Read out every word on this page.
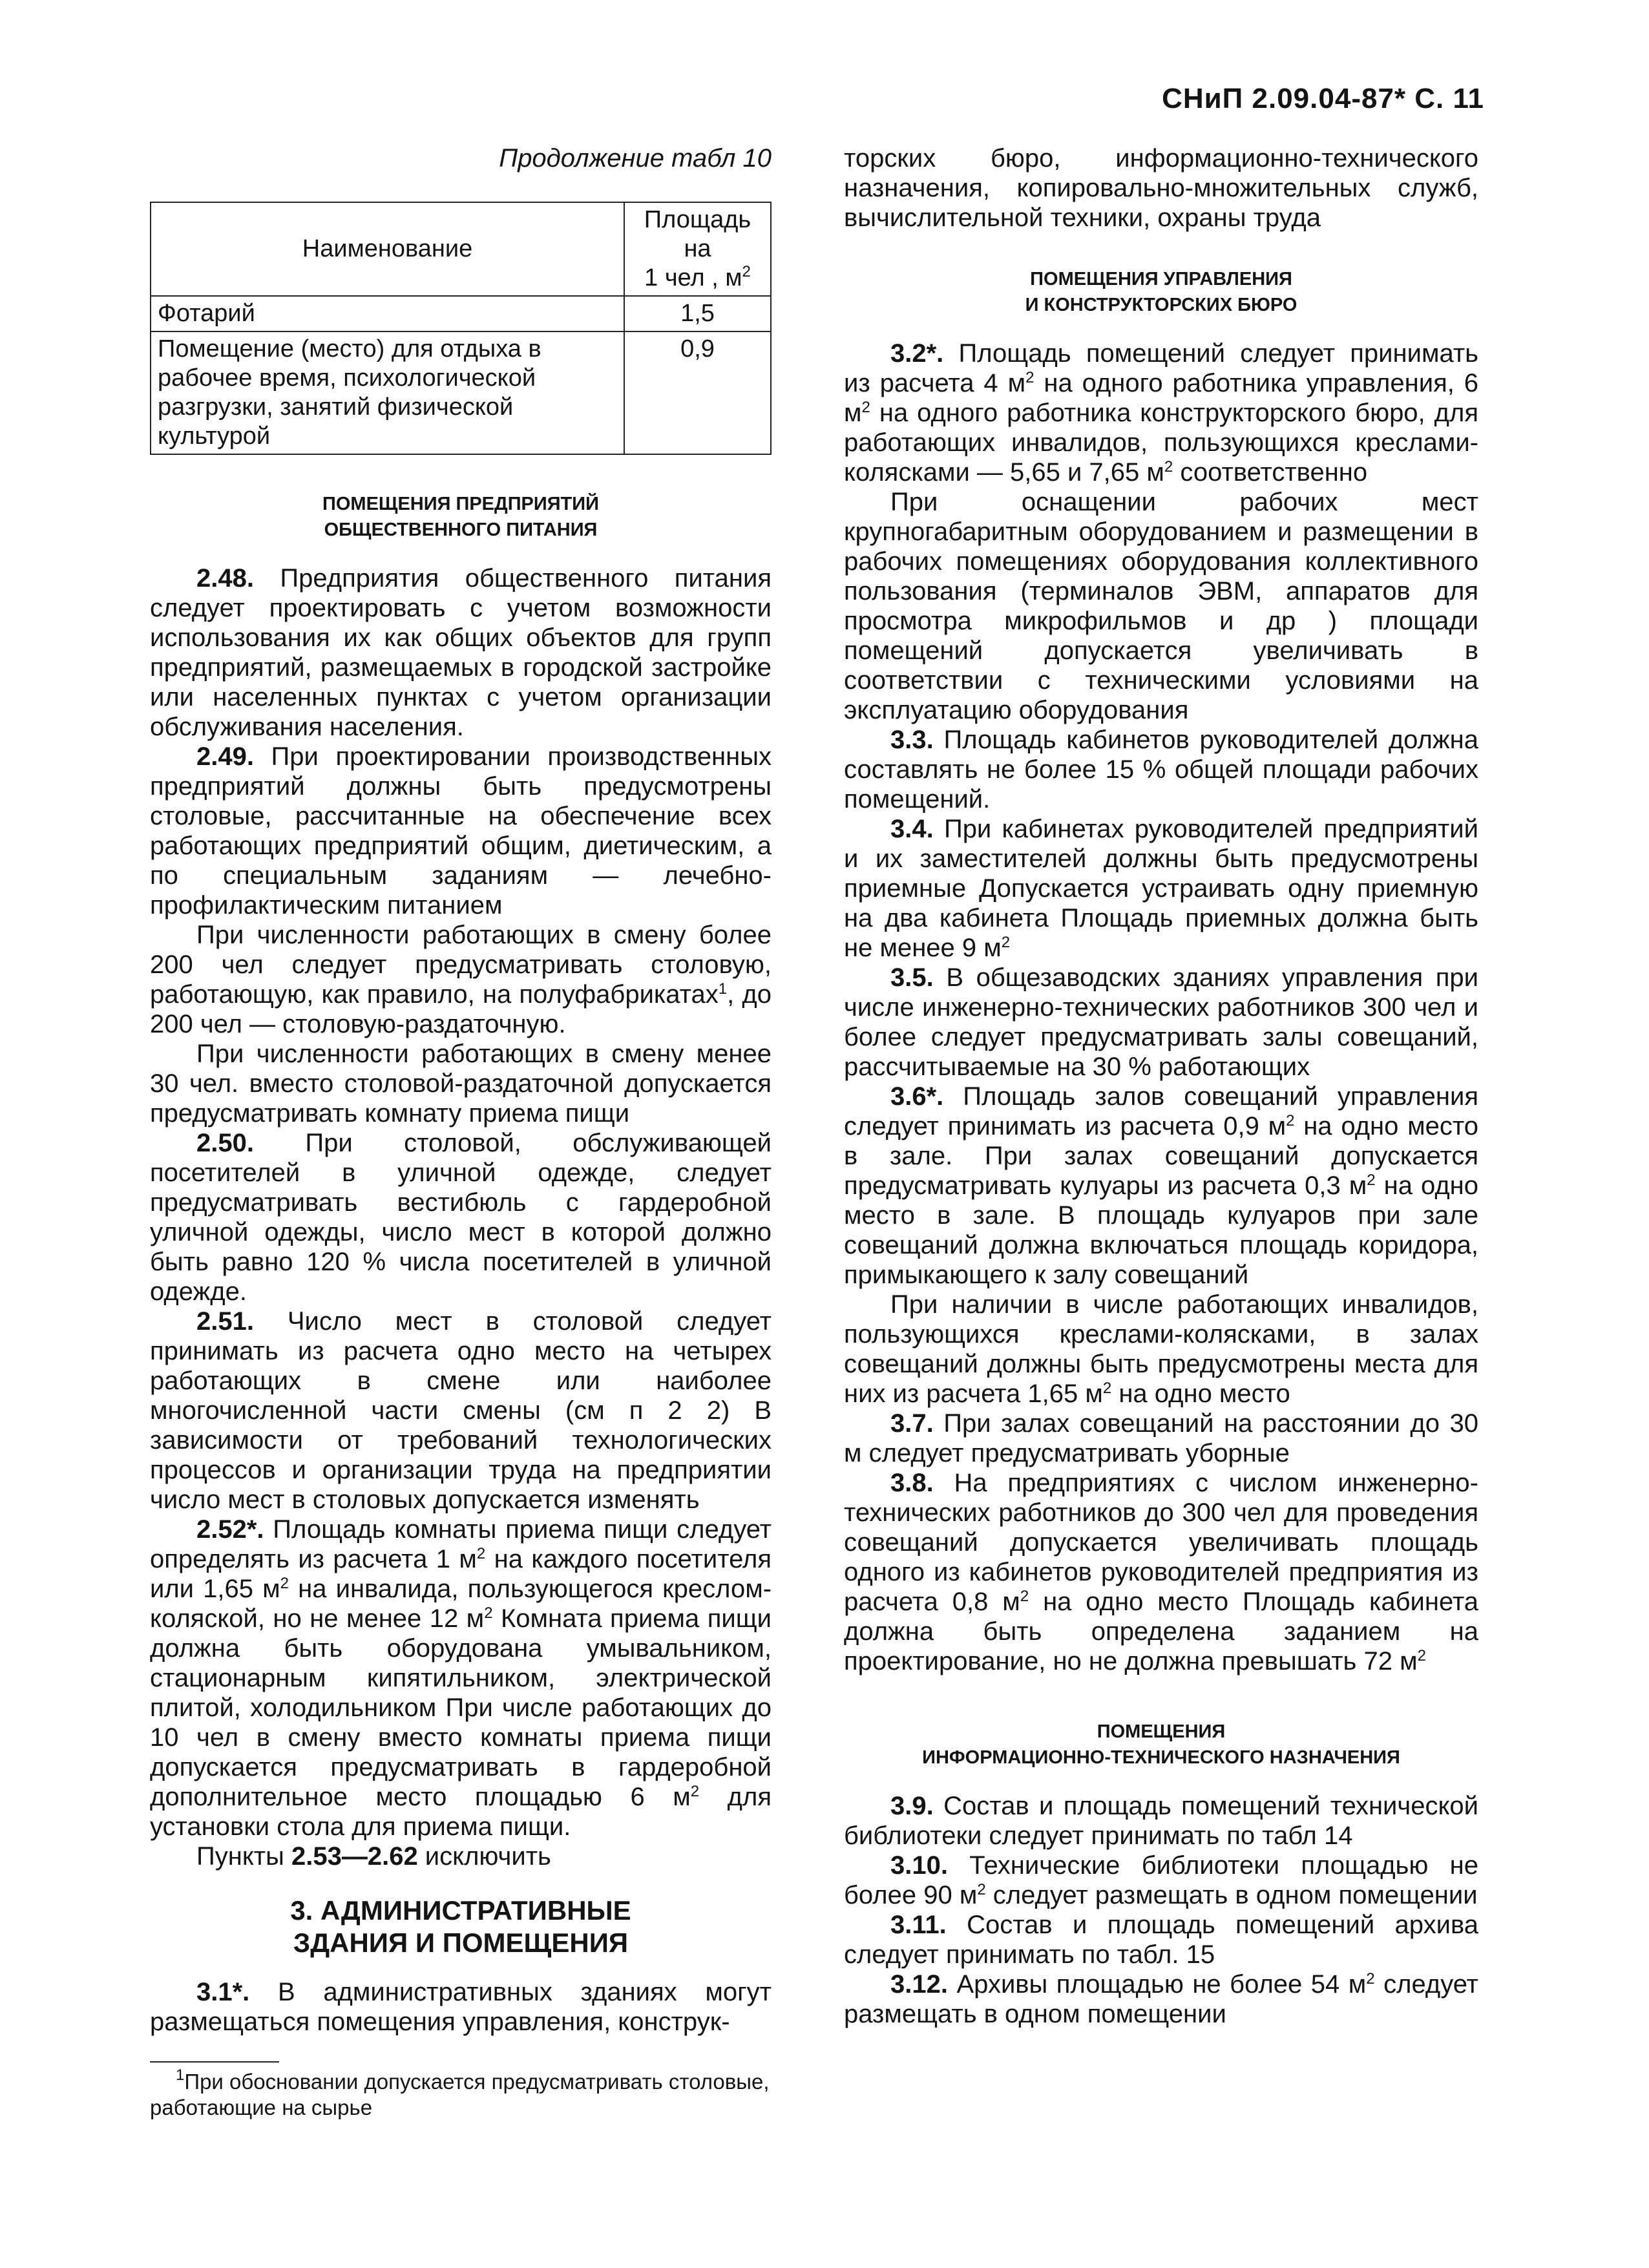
СНиП 2.09.04-87* С. 11
Продолжение табл 10
Наименование	Площадь на
1 чел , $м^2$
Фотарий	1,5
Помещение (место) для отдыха в рабочее время, психологической разгрузки, занятий физической культурой	0,9
ПОМЕЩЕНИЯ ПРЕДПРИЯТИЙ
ОБЩЕСТВЕННОГО ПИТАНИЯ

2.48. Предприятия общественного питания следует проектировать с учетом возможности использования их как общих объектов для групп предприятий, размещаемых в городской застройке или населенных пунктах с учетом организации обслуживания населения.

2.49. При проектировании производственных предприятий должны быть предусмотрены столовые, рассчитанные на обеспечение всех работающих предприятий общим, диетическим, а по специальным заданиям — лечебно-профилактическим питанием

При численности работающих в смену более 200 чел следует предусматривать столовую, работающую, как правило, на полуфабрикатах$^1$, до 200 чел — столовую-раздаточную.

При численности работающих в смену менее 30 чел. вместо столовой-раздаточной допускается предусматривать комнату приема пищи

2.50. При столовой, обслуживающей посетителей в уличной одежде, следует предусматривать вестибюль с гардеробной уличной одежды, число мест в которой должно быть равно 120 % числа посетителей в уличной одежде.

2.51. Число мест в столовой следует принимать из расчета одно место на четырех работающих в смене или наиболее многочисленной части смены (см п 2 2) В зависимости от требований технологических процессов и организации труда на предприятии число мест в столовых допускается изменять

2.52*. Площадь комнаты приема пищи следует определять из расчета 1 $м^2$ на каждого посетителя или 1,65 $м^2$ на инвалида, пользующегося креслом-коляской, но не менее 12 $м^2$ Комната приема пищи должна быть оборудована умывальником, стационарным кипятильником, электрической плитой, холодильником При числе работающих до 10 чел в смену вместо комнаты приема пищи допускается предусматривать в гардеробной дополнительное место площадью 6 $м^2$ для установки стола для приема пищи.

Пункты 2.53—2.62 исключить

3. АДМИНИСТРАТИВНЫЕ
ЗДАНИЯ И ПОМЕЩЕНИЯ

3.1*. В административных зданиях могут размещаться помещения управления, конструк-

$^1$При обосновании допускается предусматривать столовые, работающие на сырье

торских бюро, информационно-технического назначения, копировально-множительных служб, вычислительной техники, охраны труда

ПОМЕЩЕНИЯ УПРАВЛЕНИЯ
И КОНСТРУКТОРСКИХ БЮРО

3.2*. Площадь помещений следует принимать из расчета 4 $м^2$ на одного работника управления, 6 $м^2$ на одного работника конструкторского бюро, для работающих инвалидов, пользующихся креслами-колясками — 5,65 и 7,65 $м^2$ соответственно

При оснащении рабочих мест крупногабаритным оборудованием и размещении в рабочих помещениях оборудования коллективного пользования (терминалов ЭВМ, аппаратов для просмотра микрофильмов и др ) площади помещений допускается увеличивать в соответствии с техническими условиями на эксплуатацию оборудования

3.3. Площадь кабинетов руководителей должна составлять не более 15 % общей площади рабочих помещений.

3.4. При кабинетах руководителей предприятий и их заместителей должны быть предусмотрены приемные Допускается устраивать одну приемную на два кабинета Площадь приемных должна быть не менее 9 $м^2$

3.5. В общезаводских зданиях управления при числе инженерно-технических работников 300 чел и более следует предусматривать залы совещаний, рассчитываемые на 30 % работающих

3.6*. Площадь залов совещаний управления следует принимать из расчета 0,9 $м^2$ на одно место в зале. При залах совещаний допускается предусматривать кулуары из расчета 0,3 $м^2$ на одно место в зале. В площадь кулуаров при зале совещаний должна включаться площадь коридора, примыкающего к залу совещаний

При наличии в числе работающих инвалидов, пользующихся креслами-колясками, в залах совещаний должны быть предусмотрены места для них из расчета 1,65 $м^2$ на одно место

3.7. При залах совещаний на расстоянии до 30 м следует предусматривать уборные

3.8. На предприятиях с числом инженерно-технических работников до 300 чел для проведения совещаний допускается увеличивать площадь одного из кабинетов руководителей предприятия из расчета 0,8 $м^2$ на одно место Площадь кабинета должна быть определена заданием на проектирование, но не должна превышать 72 $м^2$

ПОМЕЩЕНИЯ
ИНФОРМАЦИОННО-ТЕХНИЧЕСКОГО НАЗНАЧЕНИЯ

3.9. Состав и площадь помещений технической библиотеки следует принимать по табл 14

3.10. Технические библиотеки площадью не более 90 $м^2$ следует размещать в одном помещении

3.11. Состав и площадь помещений архива следует принимать по табл. 15

3.12. Архивы площадью не более 54 $м^2$ следует размещать в одном помещении
